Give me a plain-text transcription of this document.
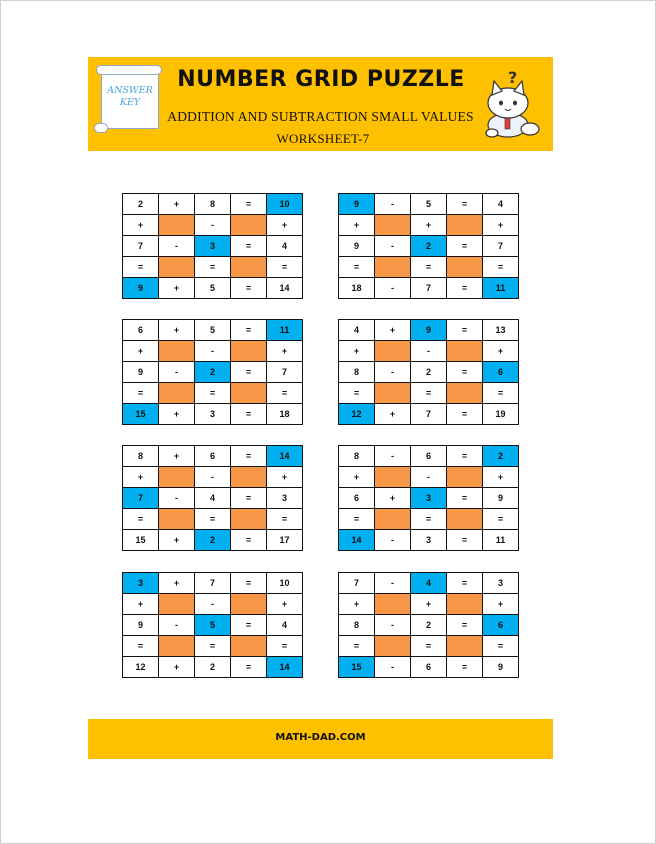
ANSWER
KEY
NUMBER GRID PUZZLE
ADDITION AND SUBTRACTION SMALL VALUES
WORKSHEET-7
?
2	+	8	=	10
+		-		+
7	-	3	=	4
=		=		=
9	+	5	=	14
9	-	5	=	4
+		+		+
9	-	2	=	7
=		=		=
18	-	7	=	11
6	+	5	=	11
+		-		+
9	-	2	=	7
=		=		=
15	+	3	=	18
4	+	9	=	13
+		-		+
8	-	2	=	6
=		=		=
12	+	7	=	19
8	+	6	=	14
+		-		+
7	-	4	=	3
=		=		=
15	+	2	=	17
8	-	6	=	2
+		-		+
6	+	3	=	9
=		=		=
14	-	3	=	11
3	+	7	=	10
+		-		+
9	-	5	=	4
=		=		=
12	+	2	=	14
7	-	4	=	3
+		+		+
8	-	2	=	6
=		=		=
15	-	6	=	9
MATH-DAD.COM
